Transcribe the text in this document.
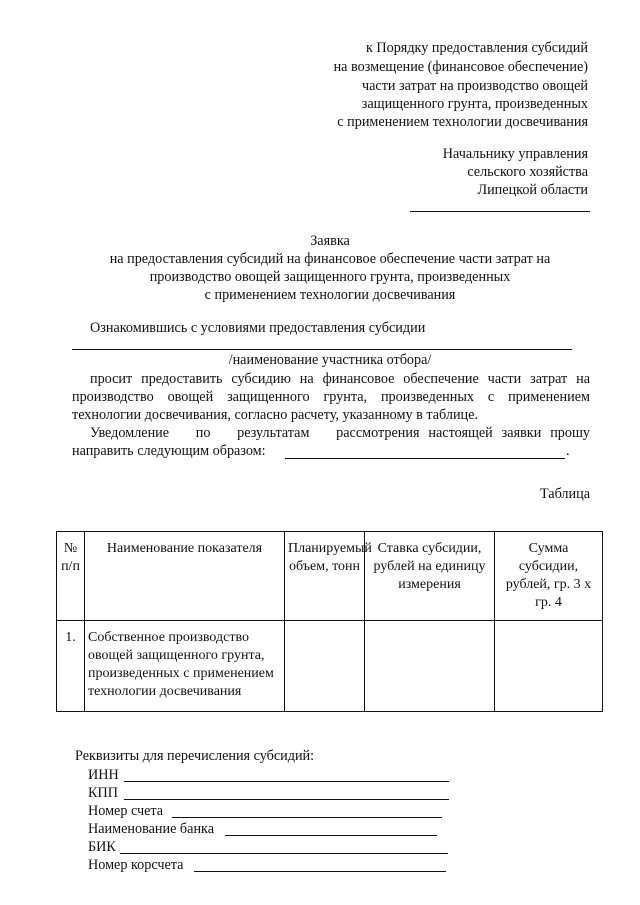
к Порядку предоставления субсидий
на возмещение (финансовое обеспечение)
части затрат на производство овощей
защищенного грунта, произведенных
с применением технологии досвечивания
Начальнику управления
сельского хозяйства
Липецкой области
Заявка
на предоставления субсидий на финансовое обеспечение части затрат на
производство овощей защищенного грунта, произведенных
с применением технологии досвечивания
Ознакомившись с условиями предоставления субсидии
/наименование участника отбора/
просит предоставить субсидию на финансовое обеспечение части затрат на
производство овощей защищенного грунта, произведенных с применением
технологии досвечивания, согласно расчету, указанному в таблице.
Уведомление   по   результатам   рассмотрения настоящей заявки прошу
направить следующим образом:	.
Таблица
№ п/п	Наименование показателя	Планируемый объем, тонн	Ставка субсидии, рублей на единицу измерения	Сумма субсидии, рублей, гр. 3 х гр. 4
1.	Собственное производство овощей защищенного грунта, произведенных с применением технологии досвечивания			
Реквизиты для перечисления субсидий:
ИНН
КПП
Номер счета
Наименование банка
БИК
Номер корсчета
